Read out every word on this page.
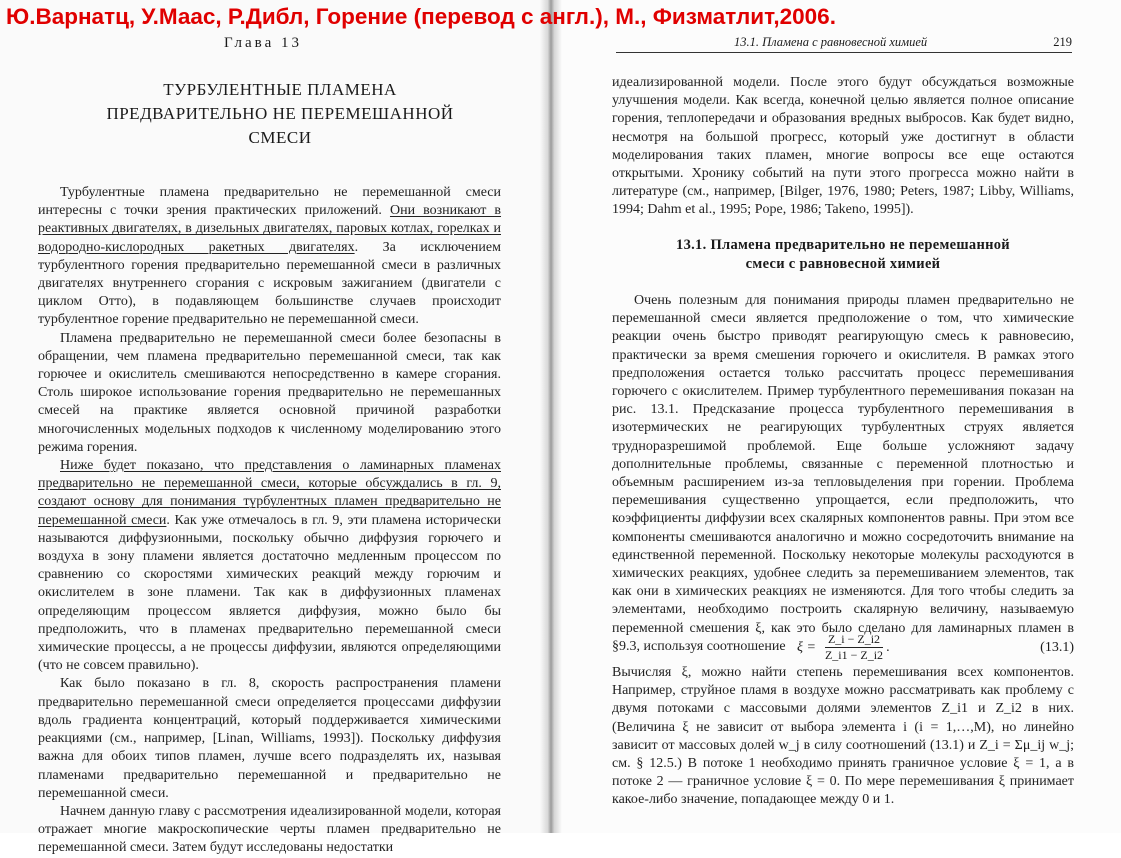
Ю.Варнатц, У.Маас, Р.Дибл, Горение (перевод с англ.), М., Физматлит,2006.
Глава 13
ТУРБУЛЕНТНЫЕ ПЛАМЕНА
ПРЕДВАРИТЕЛЬНО НЕ ПЕРЕМЕШАННОЙ
СМЕСИ

Турбулентные пламена предварительно не перемешанной смеси интересны с точки зрения практических приложений. Они возникают в реактивных двигателях, в дизельных двигателях, паровых котлах, горелках и водородно-кислородных ракетных двигателях. За исключением турбулентного горения предварительно перемешанной смеси в различных двигателях внутреннего сгорания с искровым зажиганием (двигатели с циклом Отто), в подавляющем большинстве случаев происходит турбулентное горение предварительно не перемешанной смеси.

Пламена предварительно не перемешанной смеси более безопасны в обращении, чем пламена предварительно перемешанной смеси, так как горючее и окислитель смешиваются непосредственно в камере сгорания. Столь широкое использование горения предварительно не перемешанных смесей на практике является основной причиной разработки многочисленных модельных подходов к численному моделированию этого режима горения.

Ниже будет показано, что представления о ламинарных пламенах предварительно не перемешанной смеси, которые обсуждались в гл. 9, создают основу для понимания турбулентных пламен предварительно не перемешанной смеси. Как уже отмечалось в гл. 9, эти пламена исторически называются диффузионными, поскольку обычно диффузия горючего и воздуха в зону пламени является достаточно медленным процессом по сравнению со скоростями химических реакций между горючим и окислителем в зоне пламени. Так как в диффузионных пламенах определяющим процессом является диффузия, можно было бы предположить, что в пламенах предварительно перемешанной смеси химические процессы, а не процессы диффузии, являются определяющими (что не совсем правильно).

Как было показано в гл. 8, скорость распространения пламени предварительно перемешанной смеси определяется процессами диффузии вдоль градиента концентраций, который поддерживается химическими реакциями (см., например, [Linan, Williams, 1993]). Поскольку диффузия важна для обоих типов пламен, лучше всего подразделять их, называя пламенами предварительно перемешанной и предварительно не перемешанной смеси.

Начнем данную главу с рассмотрения идеализированной модели, которая отражает многие макроскопические черты пламен предварительно не перемешанной смеси. Затем будут исследованы недостатки

13.1. Пламена с равновесной химией	219

идеализированной модели. После этого будут обсуждаться возможные улучшения модели. Как всегда, конечной целью является полное описание горения, теплопередачи и образования вредных выбросов. Как будет видно, несмотря на большой прогресс, который уже достигнут в области моделирования таких пламен, многие вопросы все еще остаются открытыми. Хронику событий на пути этого прогресса можно найти в литературе (см., например, [Bilger, 1976, 1980; Peters, 1987; Libby, Williams, 1994; Dahm et al., 1995; Pope, 1986; Takeno, 1995]).

13.1. Пламена предварительно не перемешанной
смеси с равновесной химией

Очень полезным для понимания природы пламен предварительно не перемешанной смеси является предположение о том, что химические реакции очень быстро приводят реагирующую смесь к равновесию, практически за время смешения горючего и окислителя. В рамках этого предположения остается только рассчитать процесс перемешивания горючего с окислителем. Пример турбулентного перемешивания показан на рис. 13.1. Предсказание процесса турбулентного перемешивания в изотермических не реагирующих турбулентных струях является трудноразрешимой проблемой. Еще больше усложняют задачу дополнительные проблемы, связанные с переменной плотностью и объемным расширением из-за тепловыделения при горении. Проблема перемешивания существенно упрощается, если предположить, что коэффициенты диффузии всех скалярных компонентов равны. При этом все компоненты смешиваются аналогично и можно сосредоточить внимание на единственной переменной. Поскольку некоторые молекулы расходуются в химических реакциях, удобнее следить за перемешиванием элементов, так как они в химических реакциях не изменяются. Для того чтобы следить за элементами, необходимо построить скалярную величину, называемую переменной смешения ξ, как это было сделано для ламинарных пламен в §9.3, используя соотношение $\xi = \frac{Z\_i - Z\_i2}{Z\_i1 - Z\_i2}$ .	(13.1)

Вычисляя ξ, можно найти степень перемешивания всех компонентов. Например, струйное пламя в воздухе можно рассматривать как проблему с двумя потоками с массовыми долями элементов Z_i1 и Z_i2 в них. (Величина ξ не зависит от выбора элемента i (i = 1,…,M), но линейно зависит от массовых долей w_j в силу соотношений (13.1) и Z_i = Σμ_ij w_j; см. § 12.5.) В потоке 1 необходимо принять граничное условие ξ = 1, а в потоке 2 — граничное условие ξ = 0. По мере перемешивания ξ принимает какое-либо значение, попадающее между 0 и 1.
